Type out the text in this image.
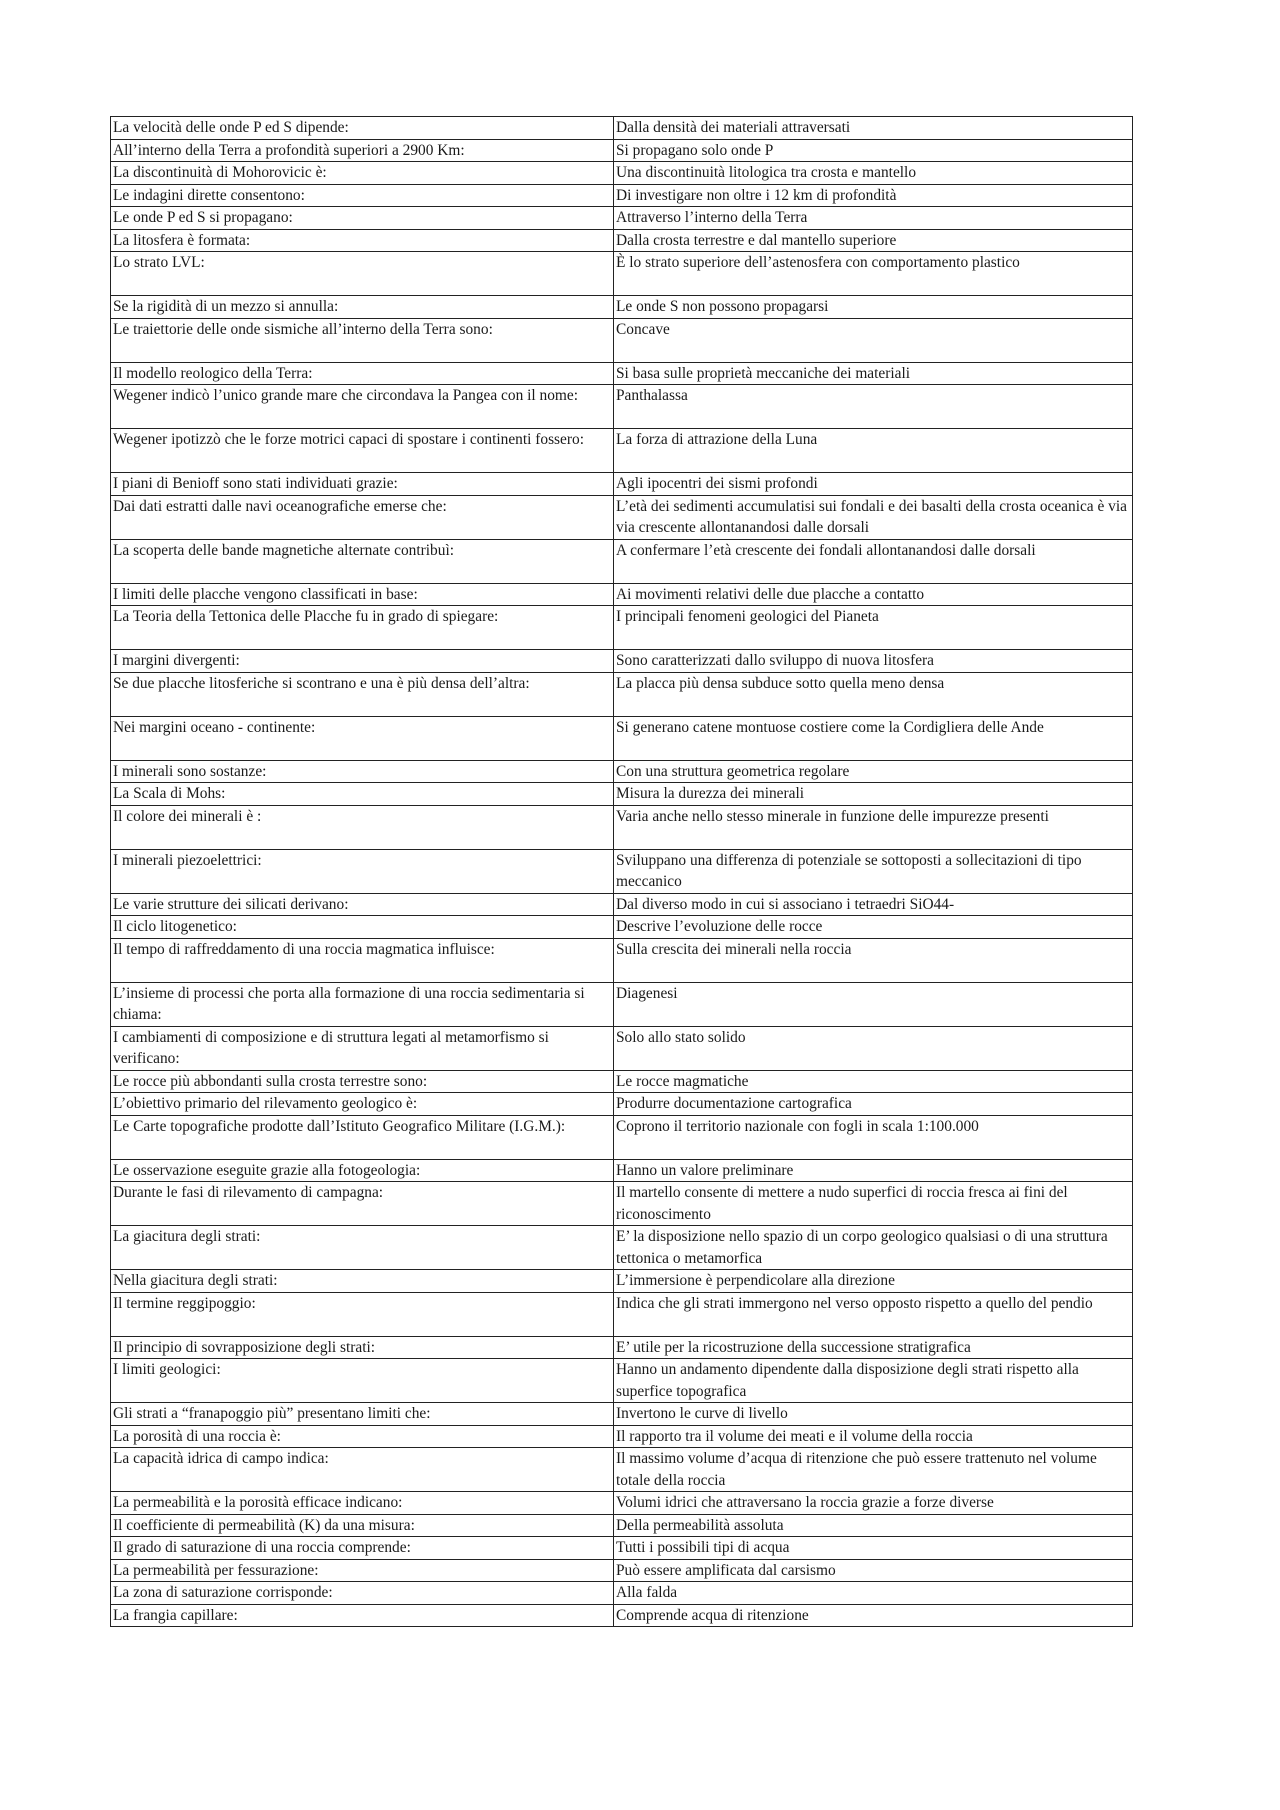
La velocità delle onde P ed S dipende:	Dalla densità dei materiali attraversati
All’interno della Terra a profondità superiori a 2900 Km:	Si propagano solo onde P
La discontinuità di Mohorovicic è:	Una discontinuità litologica tra crosta e mantello
Le indagini dirette consentono:	Di investigare non oltre i 12 km di profondità
Le onde P ed S si propagano:	Attraverso l’interno della Terra
La litosfera è formata:	Dalla crosta terrestre e dal mantello superiore
Lo strato LVL:	È lo strato superiore dell’astenosfera con comportamento plastico
Se la rigidità di un mezzo si annulla:	Le onde S non possono propagarsi
Le traiettorie delle onde sismiche all’interno della Terra sono:	Concave
Il modello reologico della Terra:	Si basa sulle proprietà meccaniche dei materiali
Wegener indicò l’unico grande mare che circondava la Pangea con il nome:	Panthalassa
Wegener ipotizzò che le forze motrici capaci di spostare i continenti fossero:	La forza di attrazione della Luna
I piani di Benioff sono stati individuati grazie:	Agli ipocentri dei sismi profondi
Dai dati estratti dalle navi oceanografiche emerse che:	L’età dei sedimenti accumulatisi sui fondali e dei basalti della crosta oceanica è via via crescente allontanandosi dalle dorsali
La scoperta delle bande magnetiche alternate contribuì:	A confermare l’età crescente dei fondali allontanandosi dalle dorsali
I limiti delle placche vengono classificati in base:	Ai movimenti relativi delle due placche a contatto
La Teoria della Tettonica delle Placche fu in grado di spiegare:	I principali fenomeni geologici del Pianeta
I margini divergenti:	Sono caratterizzati dallo sviluppo di nuova litosfera
Se due placche litosferiche si scontrano e una è più densa dell’altra:	La placca più densa subduce sotto quella meno densa
Nei margini oceano - continente:	Si generano catene montuose costiere come la Cordigliera delle Ande
I minerali sono sostanze:	Con una struttura geometrica regolare
La Scala di Mohs:	Misura la durezza dei minerali
Il colore dei minerali è :	Varia anche nello stesso minerale in funzione delle impurezze presenti
I minerali piezoelettrici:	Sviluppano una differenza di potenziale se sottoposti a sollecitazioni di tipo meccanico
Le varie strutture dei silicati derivano:	Dal diverso modo in cui si associano i tetraedri SiO44-
Il ciclo litogenetico:	Descrive l’evoluzione delle rocce
Il tempo di raffreddamento di una roccia magmatica influisce:	Sulla crescita dei minerali nella roccia
L’insieme di processi che porta alla formazione di una roccia sedimentaria si chiama:	Diagenesi
I cambiamenti di composizione e di struttura legati al metamorfismo si verificano:	Solo allo stato solido
Le rocce più abbondanti sulla crosta terrestre sono:	Le rocce magmatiche
L’obiettivo primario del rilevamento geologico è:	Produrre documentazione cartografica
Le Carte topografiche prodotte dall’Istituto Geografico Militare (I.G.M.):	Coprono il territorio nazionale con fogli in scala 1:100.000
Le osservazione eseguite grazie alla fotogeologia:	Hanno un valore preliminare
Durante le fasi di rilevamento di campagna:	Il martello consente di mettere a nudo superfici di roccia fresca ai fini del riconoscimento
La giacitura degli strati:	E’ la disposizione nello spazio di un corpo geologico qualsiasi o di una struttura tettonica o metamorfica
Nella giacitura degli strati:	L’immersione è perpendicolare alla direzione
Il termine reggipoggio:	Indica che gli strati immergono nel verso opposto rispetto a quello del pendio
Il principio di sovrapposizione degli strati:	E’ utile per la ricostruzione della successione stratigrafica
I limiti geologici:	Hanno un andamento dipendente dalla disposizione degli strati rispetto alla superfice topografica
Gli strati a “franapoggio più” presentano limiti che:	Invertono le curve di livello
La porosità di una roccia è:	Il rapporto tra il volume dei meati e il volume della roccia
La capacità idrica di campo indica:	Il massimo volume d’acqua di ritenzione che può essere trattenuto nel volume totale della roccia
La permeabilità e la porosità efficace indicano:	Volumi idrici che attraversano la roccia grazie a forze diverse
Il coefficiente di permeabilità (K) da una misura:	Della permeabilità assoluta
Il grado di saturazione di una roccia comprende:	Tutti i possibili tipi di acqua
La permeabilità per fessurazione:	Può essere amplificata dal carsismo
La zona di saturazione corrisponde:	Alla falda
La frangia capillare:	Comprende acqua di ritenzione
